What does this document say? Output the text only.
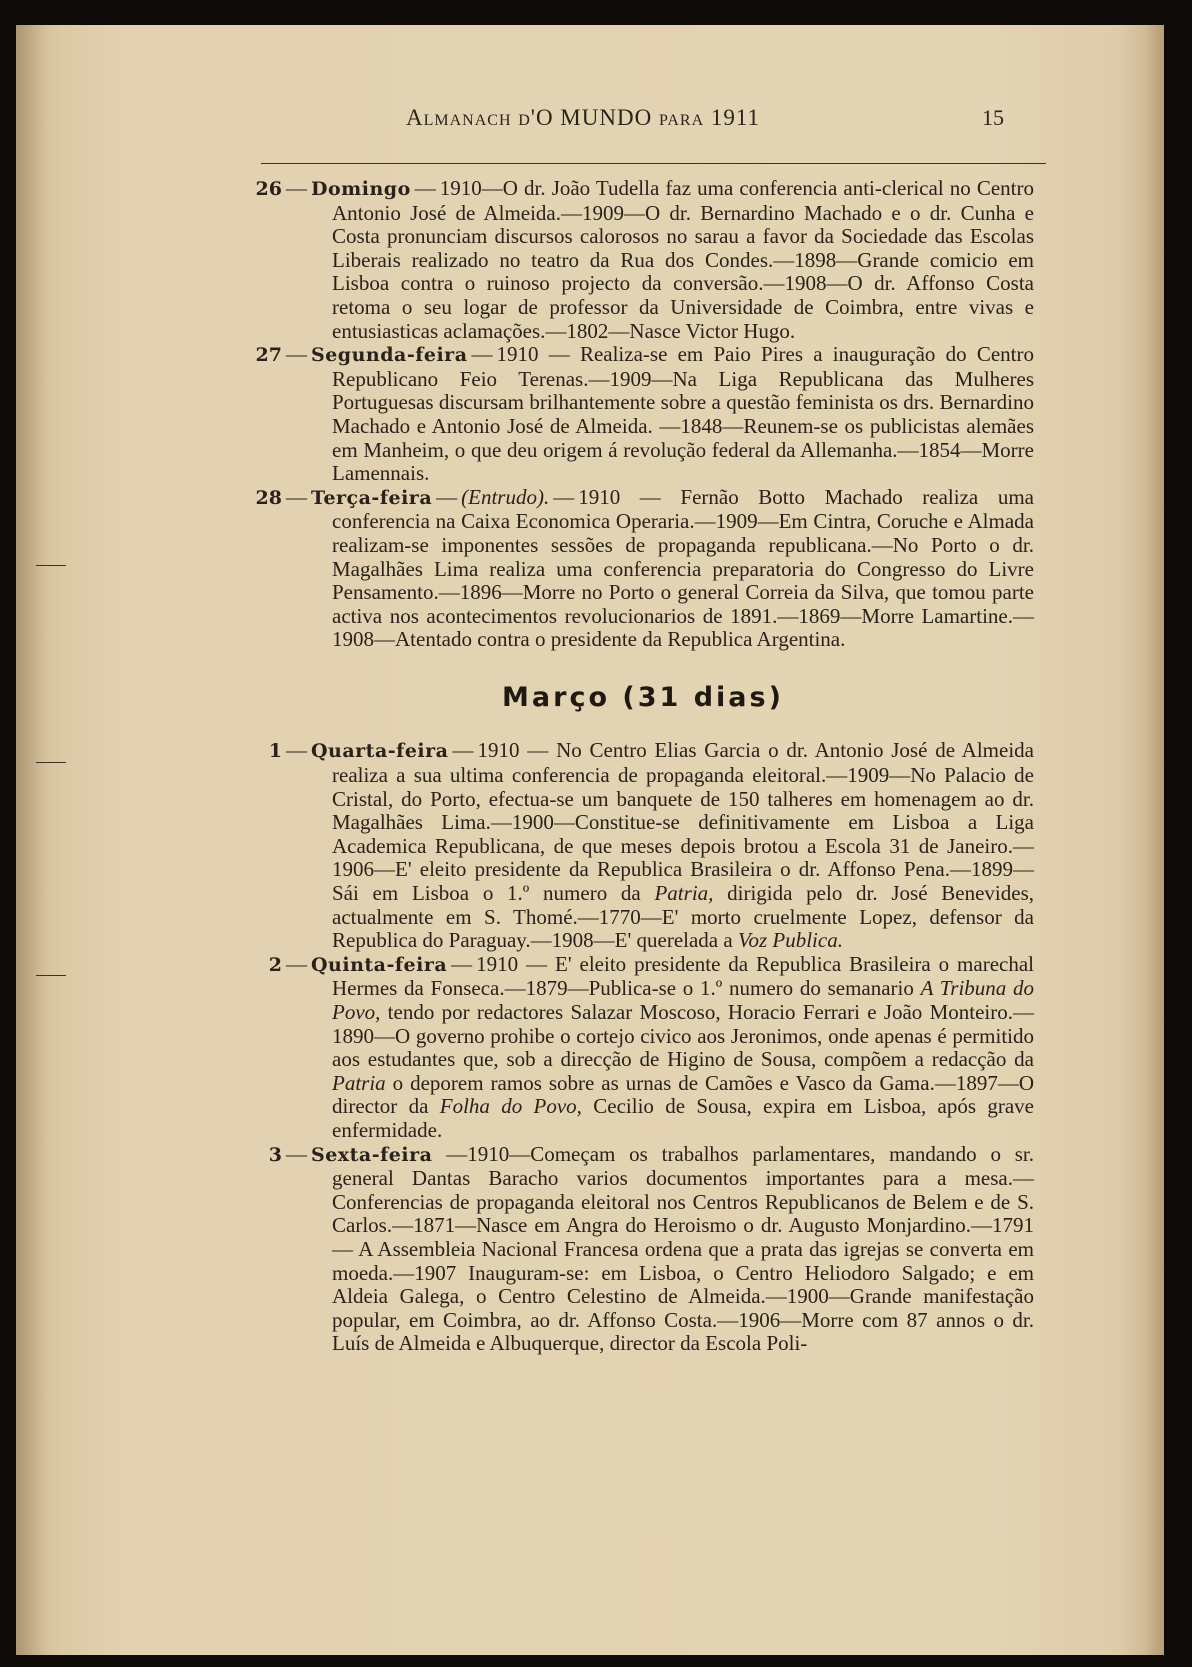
Almanach d'O MUNDO para 1911	15

26 — Domingo — 1910—O dr. João Tudella faz uma conferencia anti-clerical no Centro Antonio José de Almeida.—1909—O dr. Bernardino Machado e o dr. Cunha e Costa pronunciam discursos calorosos no sarau a favor da Sociedade das Escolas Liberais realizado no teatro da Rua dos Condes.—1898—Grande comicio em Lisboa contra o ruinoso projecto da conversão.—1908—O dr. Affonso Costa retoma o seu logar de professor da Universidade de Coimbra, entre vivas e entusiasticas aclamações.—1802—Nasce Victor Hugo.

27 — Segunda-feira — 1910 — Realiza-se em Paio Pires a inauguração do Centro Republicano Feio Terenas.—1909—Na Liga Republicana das Mulheres Portuguesas discursam brilhantemente sobre a questão feminista os drs. Bernardino Machado e Antonio José de Almeida. —1848—Reunem-se os publicistas alemães em Manheim, o que deu origem á revolução federal da Allemanha.—1854—Morre Lamennais.

28 — Terça-feira — (Entrudo). — 1910 — Fernão Botto Machado realiza uma conferencia na Caixa Economica Operaria.—1909—Em Cintra, Coruche e Almada realizam-se imponentes sessões de propaganda republicana.—No Porto o dr. Magalhães Lima realiza uma conferencia preparatoria do Congresso do Livre Pensamento.—1896—Morre no Porto o general Correia da Silva, que tomou parte activa nos acontecimentos revolucionarios de 1891.—1869—Morre Lamartine.—1908—Atentado contra o presidente da Republica Argentina.

Março (31 dias)

1 — Quarta-feira — 1910 — No Centro Elias Garcia o dr. Antonio José de Almeida realiza a sua ultima conferencia de propaganda eleitoral.—1909—No Palacio de Cristal, do Porto, efectua-se um banquete de 150 talheres em homenagem ao dr. Magalhães Lima.—1900—Constitue-se definitivamente em Lisboa a Liga Academica Republicana, de que meses depois brotou a Escola 31 de Janeiro.—1906—E' eleito presidente da Republica Brasileira o dr. Affonso Pena.—1899—Sái em Lisboa o 1.º numero da Patria, dirigida pelo dr. José Benevides, actualmente em S. Thomé.—1770—E' morto cruelmente Lopez, defensor da Republica do Paraguay.—1908—E' querelada a Voz Publica.

2 — Quinta-feira — 1910 — E' eleito presidente da Republica Brasileira o marechal Hermes da Fonseca.—1879—Publica-se o 1.º numero do semanario A Tribuna do Povo, tendo por redactores Salazar Moscoso, Horacio Ferrari e João Monteiro.—1890—O governo prohibe o cortejo civico aos Jeronimos, onde apenas é permitido aos estudantes que, sob a direcção de Higino de Sousa, compõem a redacção da Patria o deporem ramos sobre as urnas de Camões e Vasco da Gama.—1897—O director da Folha do Povo, Cecilio de Sousa, expira em Lisboa, após grave enfermidade.

3 — Sexta-feira —1910—Começam os trabalhos parlamentares, mandando o sr. general Dantas Baracho varios documentos importantes para a mesa.—Conferencias de propaganda eleitoral nos Centros Republicanos de Belem e de S. Carlos.—1871—Nasce em Angra do Heroismo o dr. Augusto Monjardino.—1791 — A Assembleia Nacional Francesa ordena que a prata das igrejas se converta em moeda.—1907 Inauguram-se: em Lisboa, o Centro Heliodoro Salgado; e em Aldeia Galega, o Centro Celestino de Almeida.—1900—Grande manifestação popular, em Coimbra, ao dr. Affonso Costa.—1906—Morre com 87 annos o dr. Luís de Almeida e Albuquerque, director da Escola Poli-
